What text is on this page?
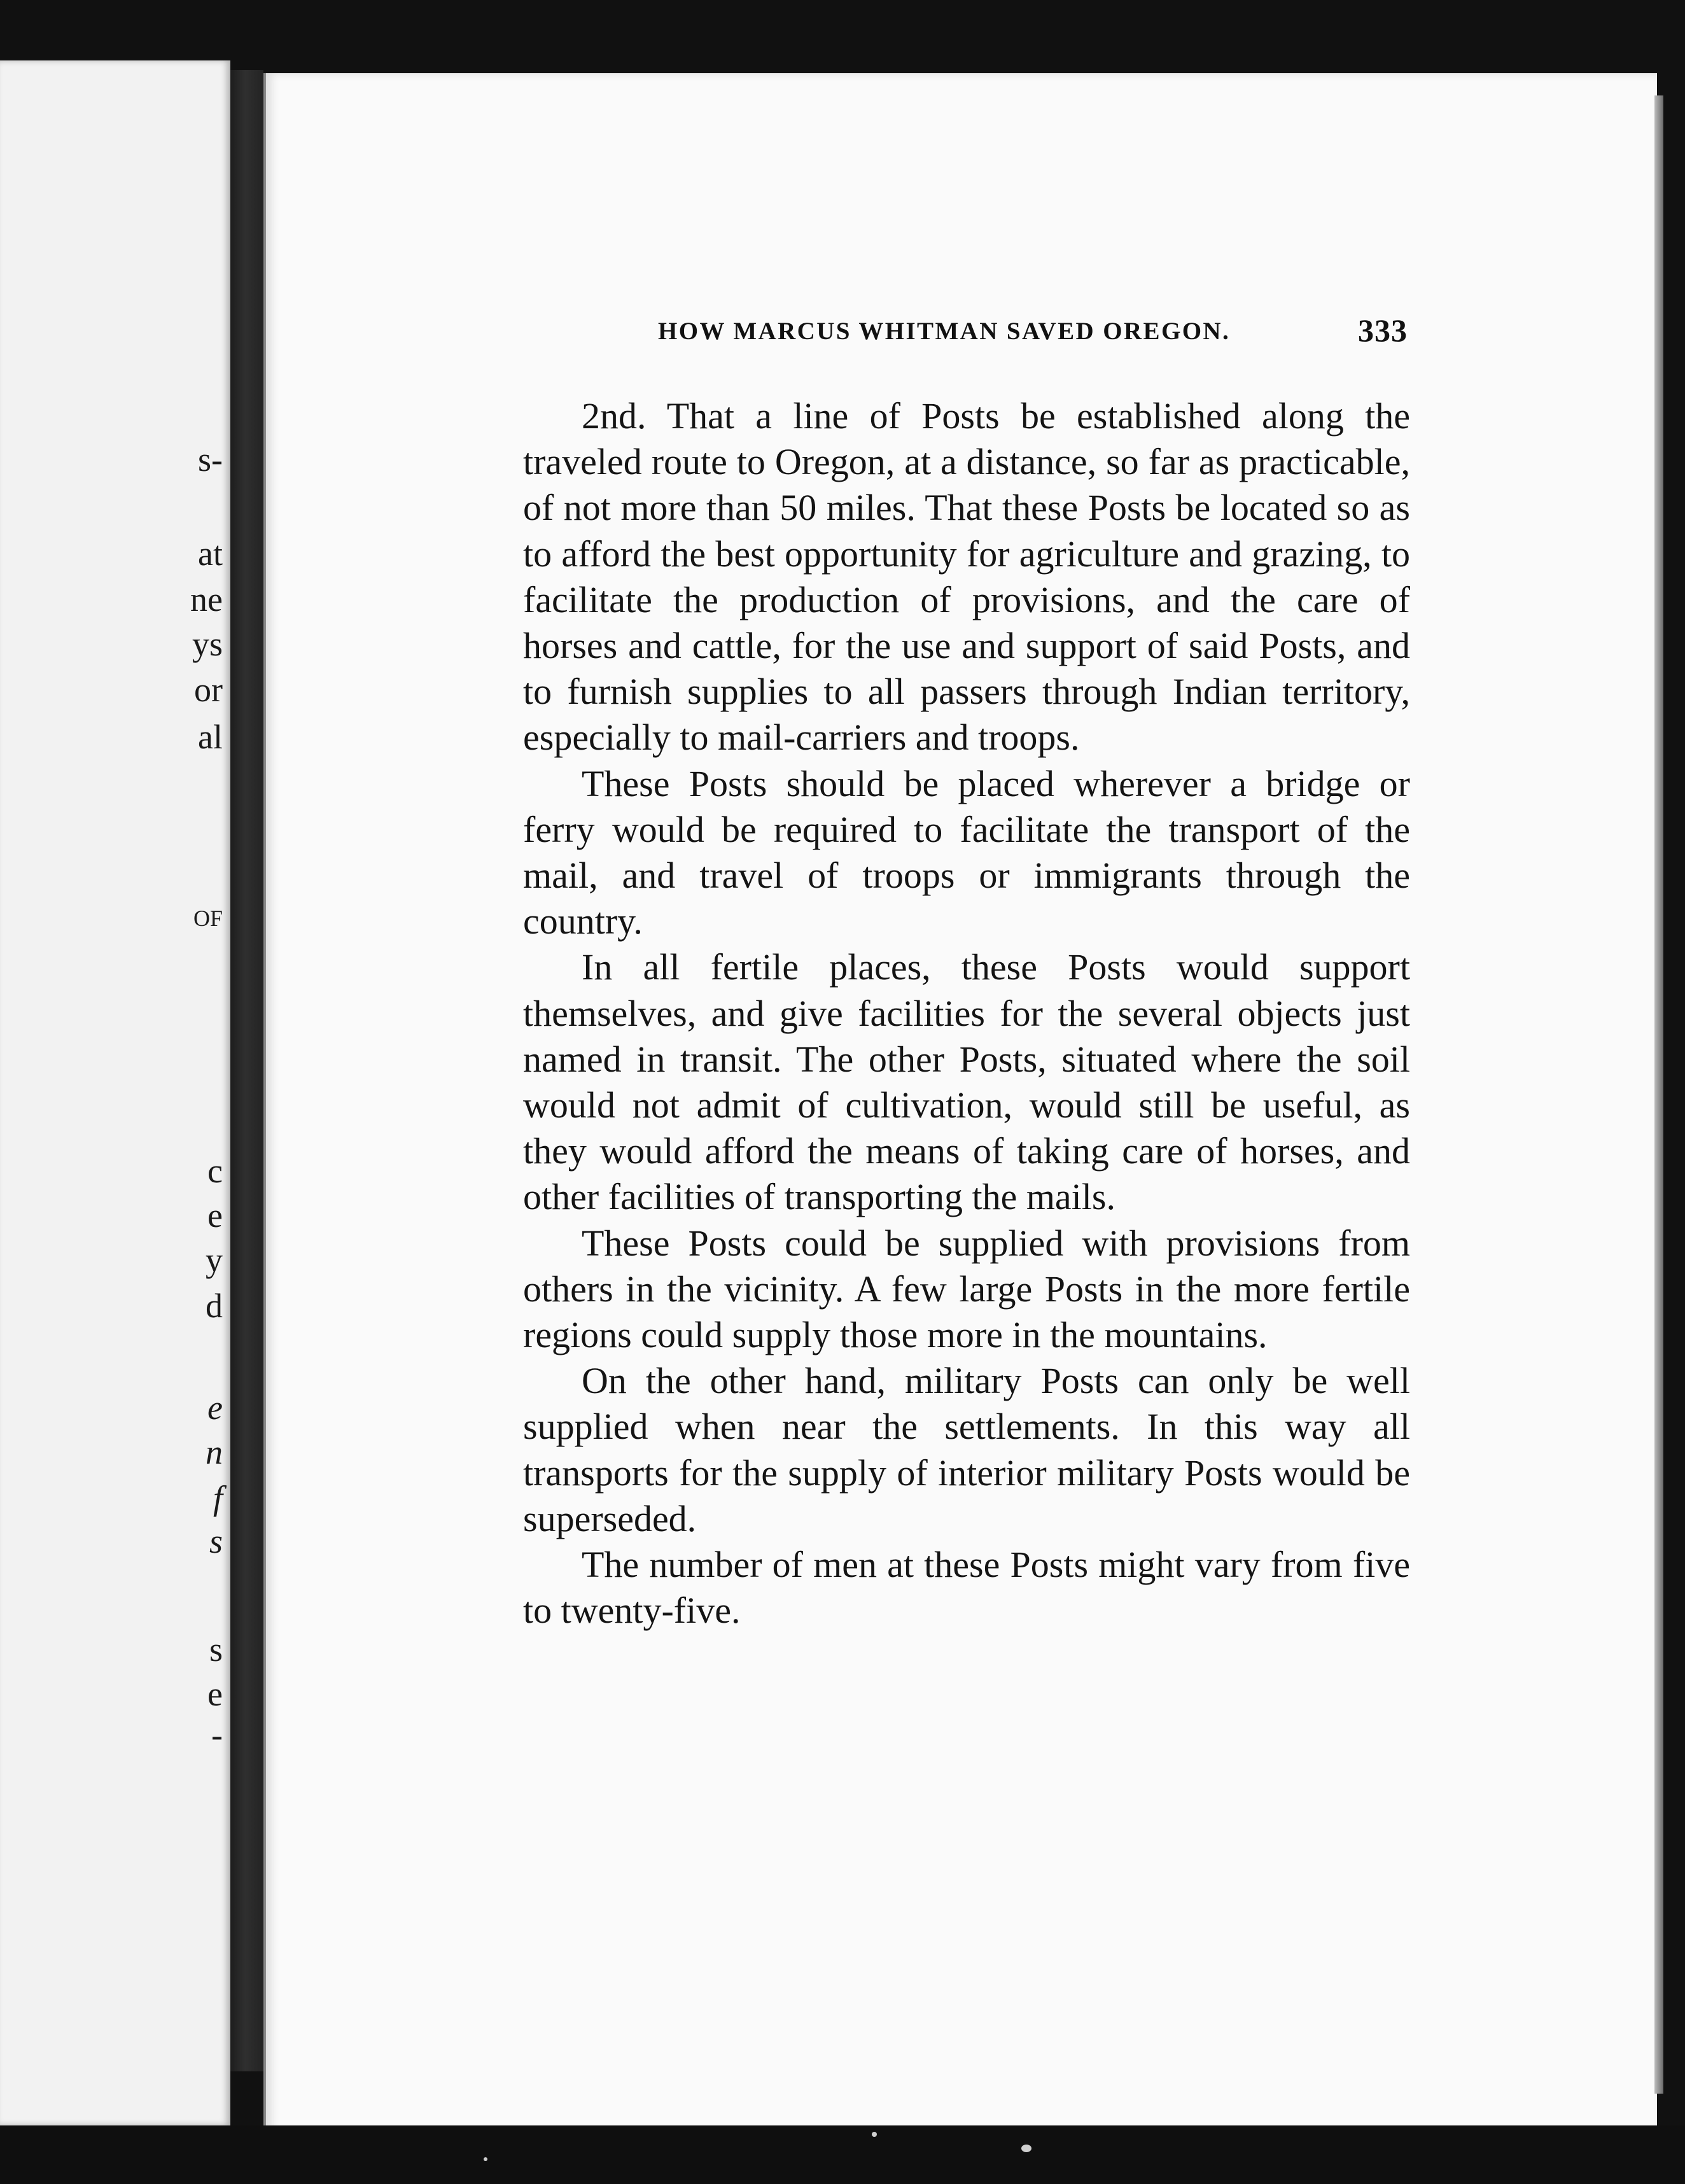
s-
at
ne
ys
or
al
OF
c
e
y
d
e
n
f
s
s
e
-
HOW MARCUS WHITMAN SAVED OREGON.	333

2nd. That a line of Posts be established along the traveled route to Oregon, at a distance, so far as practicable, of not more than 50 miles. That these Posts be located so as to afford the best opportunity for agriculture and grazing, to facilitate the production of provisions, and the care of horses and cattle, for the use and support of said Posts, and to furnish supplies to all passers through Indian territory, especially to mail-carriers and troops.

These Posts should be placed wherever a bridge or ferry would be required to facilitate the transport of the mail, and travel of troops or immigrants through the country.

In all fertile places, these Posts would support themselves, and give facilities for the several objects just named in transit. The other Posts, situated where the soil would not admit of cultivation, would still be useful, as they would afford the means of taking care of horses, and other facilities of transporting the mails.

These Posts could be supplied with provisions from others in the vicinity. A few large Posts in the more fertile regions could supply those more in the mountains.

On the other hand, military Posts can only be well supplied when near the settlements. In this way all transports for the supply of interior military Posts would be superseded.

The number of men at these Posts might vary from five to twenty-five.
